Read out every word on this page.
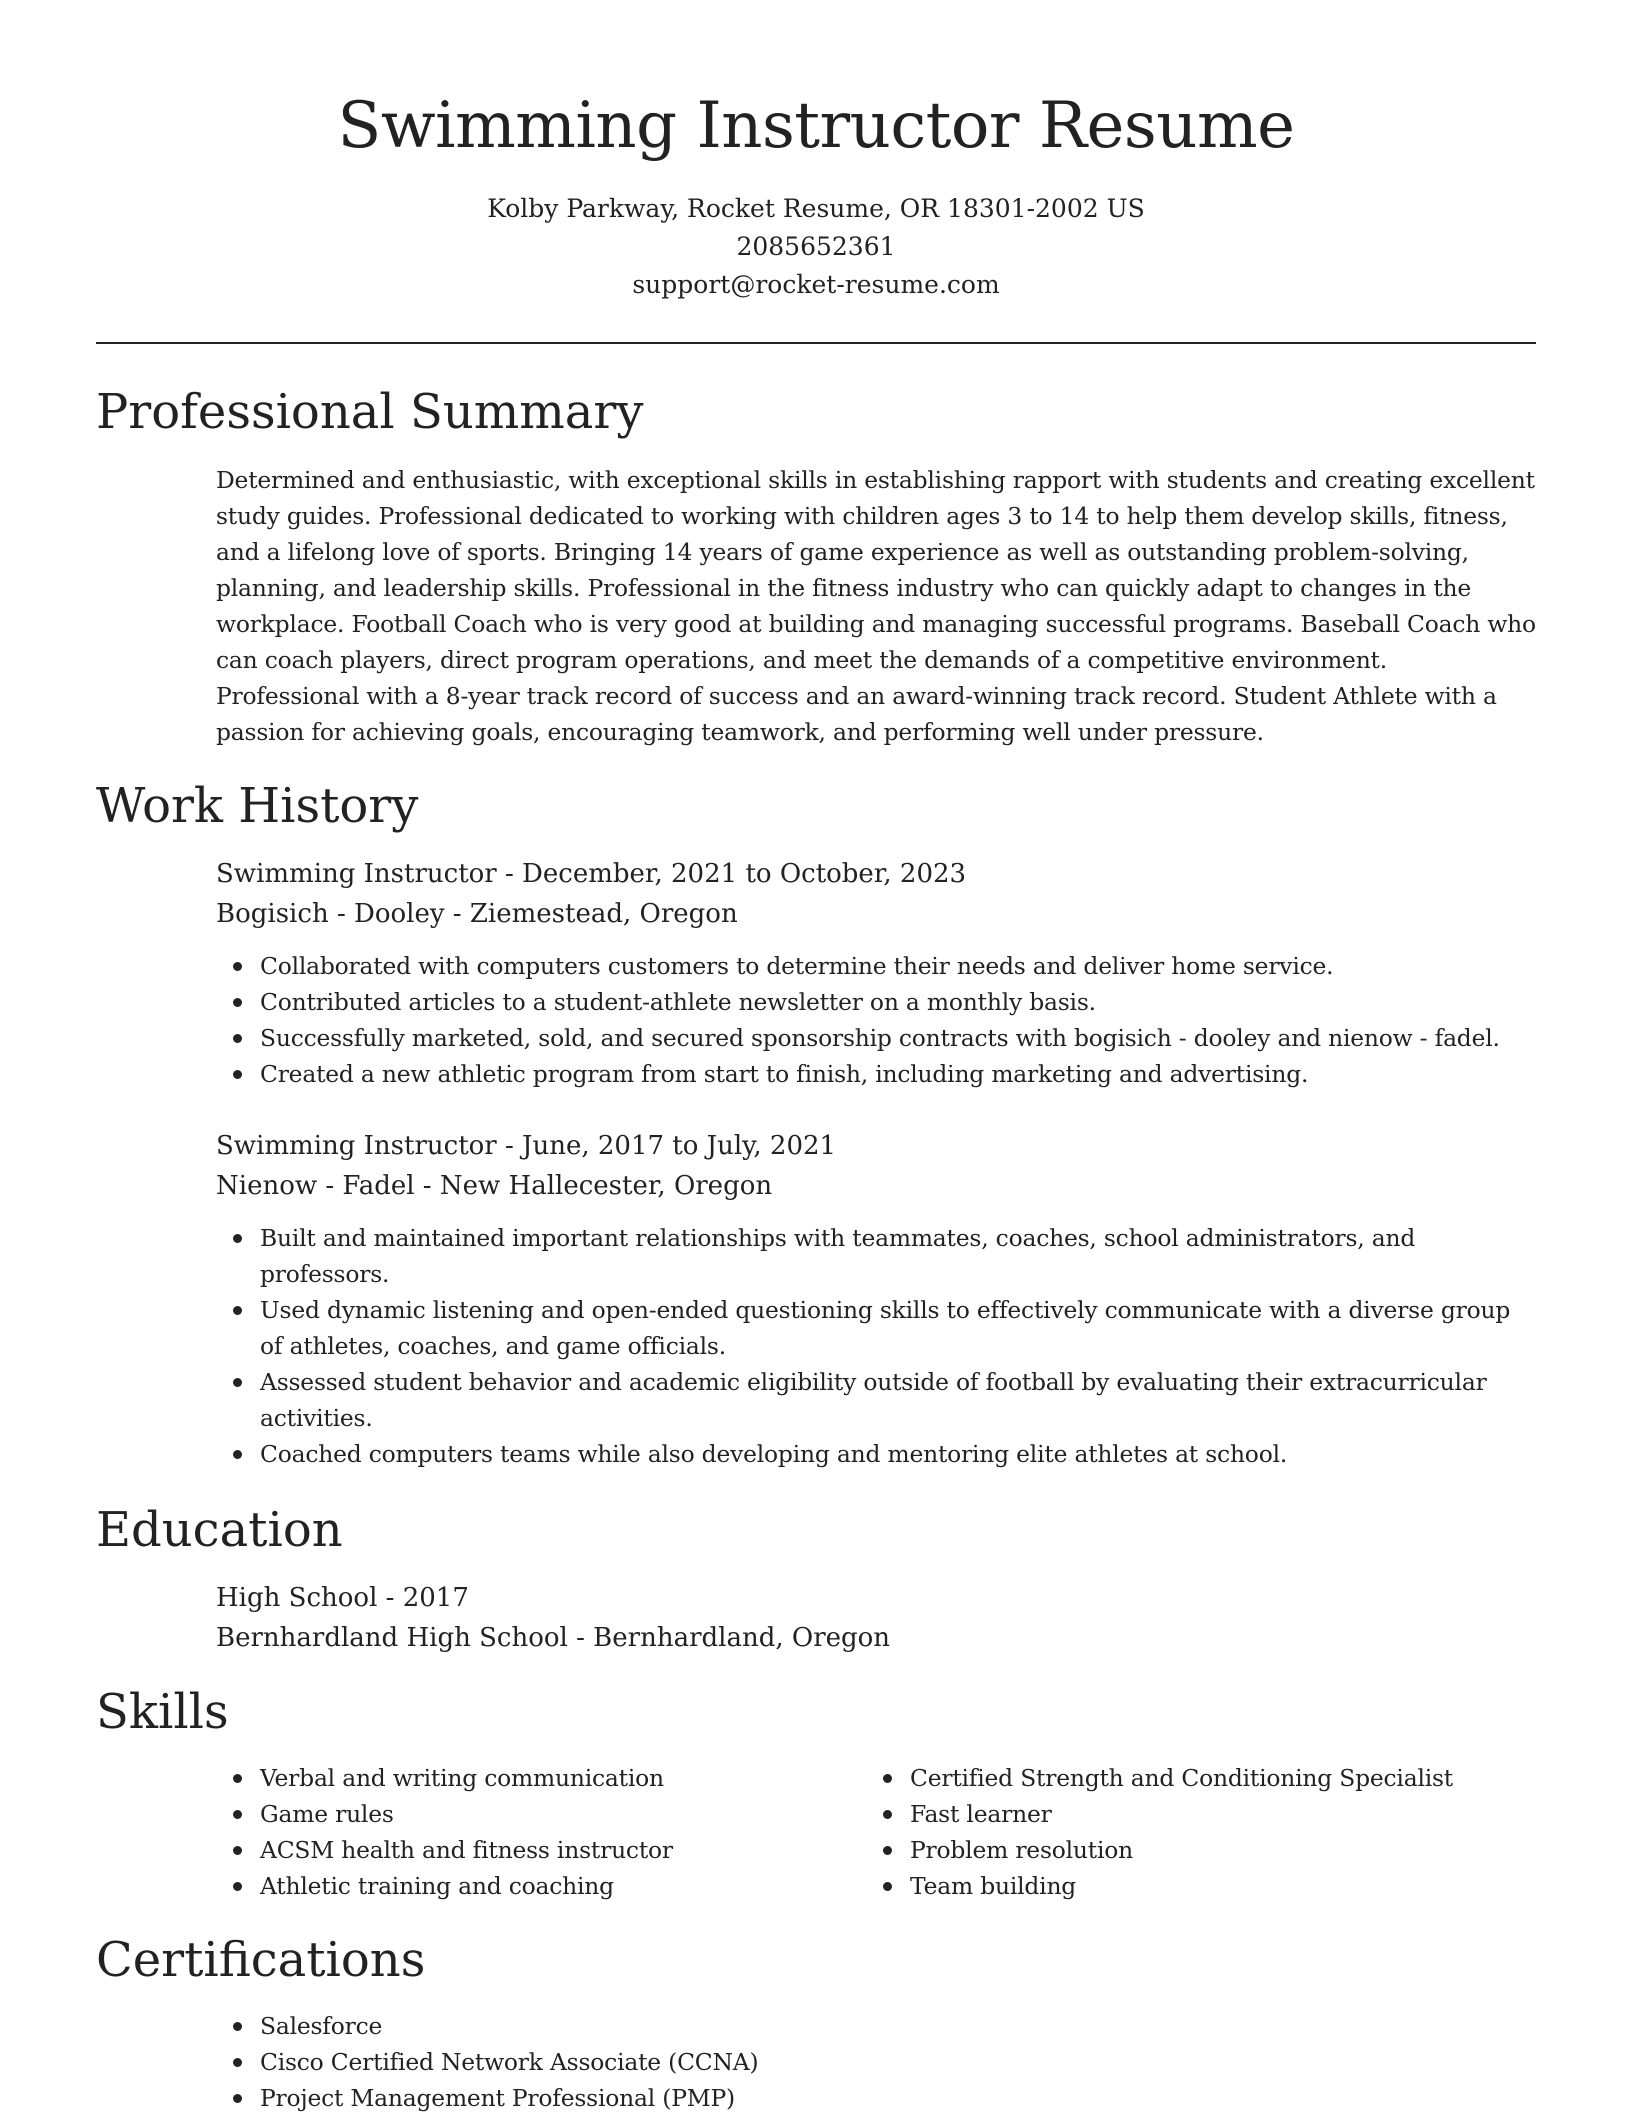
Swimming Instructor Resume

Kolby Parkway, Rocket Resume, OR 18301-2002 US

2085652361

support@rocket-resume.com

Professional Summary

Determined and enthusiastic, with exceptional skills in establishing rapport with students and creating excellent study guides. Professional dedicated to working with children ages 3 to 14 to help them develop skills, fitness, and a lifelong love of sports. Bringing 14 years of game experience as well as outstanding problem-solving, planning, and leadership skills. Professional in the fitness industry who can quickly adapt to changes in the workplace. Football Coach who is very good at building and managing successful programs. Baseball Coach who can coach players, direct program operations, and meet the demands of a competitive environment. Professional with a 8-year track record of success and an award-winning track record. Student Athlete with a passion for achieving goals, encouraging teamwork, and performing well under pressure.

Work History

Swimming Instructor - December, 2021 to October, 2023

Bogisich - Dooley - Ziemestead, Oregon

Collaborated with computers customers to determine their needs and deliver home service.
Contributed articles to a student-athlete newsletter on a monthly basis.
Successfully marketed, sold, and secured sponsorship contracts with bogisich - dooley and nienow - fadel.
Created a new athletic program from start to finish, including marketing and advertising.

Swimming Instructor - June, 2017 to July, 2021

Nienow - Fadel - New Hallecester, Oregon

Built and maintained important relationships with teammates, coaches, school administrators, and professors.
Used dynamic listening and open-ended questioning skills to effectively communicate with a diverse group of athletes, coaches, and game officials.
Assessed student behavior and academic eligibility outside of football by evaluating their extracurricular activities.
Coached computers teams while also developing and mentoring elite athletes at school.
Education

High School - 2017

Bernhardland High School - Bernhardland, Oregon

Skills
Verbal and writing communication
Game rules
ACSM health and fitness instructor
Athletic training and coaching
Certified Strength and Conditioning Specialist
Fast learner
Problem resolution
Team building
Certifications
Salesforce
Cisco Certified Network Associate (CCNA)
Project Management Professional (PMP)
